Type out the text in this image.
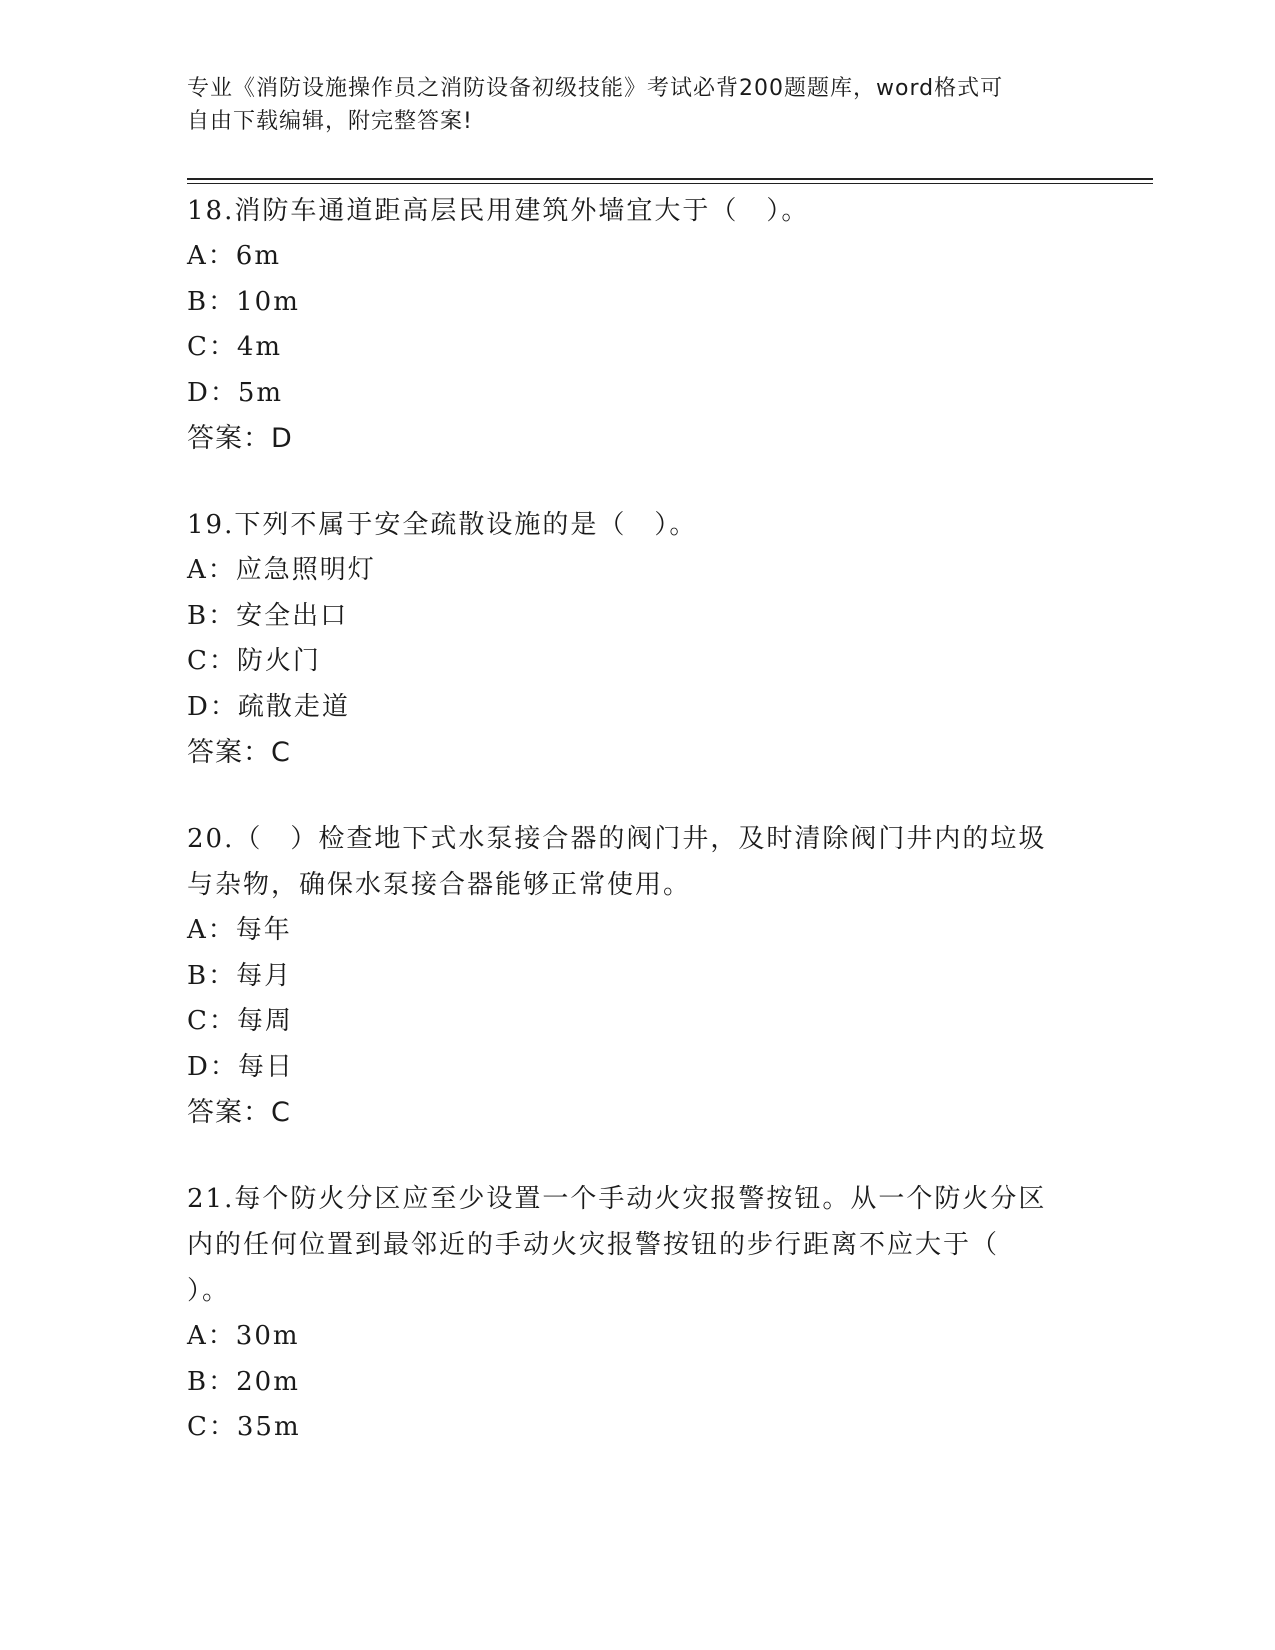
专业《消防设施操作员之消防设备初级技能》考试必背200题题库，word格式可
自由下载编辑，附完整答案!
18.消防车通道距高层民用建筑外墙宜大于（　）。
A：6m
B：10m
C：4m
D：5m
答案：D
19.下列不属于安全疏散设施的是（　）。
A：应急照明灯
B：安全出口
C：防火门
D：疏散走道
答案：C
20.（　）检查地下式水泵接合器的阀门井，及时清除阀门井内的垃圾
与杂物，确保水泵接合器能够正常使用。
A：每年
B：每月
C：每周
D：每日
答案：C
21.每个防火分区应至少设置一个手动火灾报警按钮。从一个防火分区
内的任何位置到最邻近的手动火灾报警按钮的步行距离不应大于（
）。
A：30m
B：20m
C：35m
